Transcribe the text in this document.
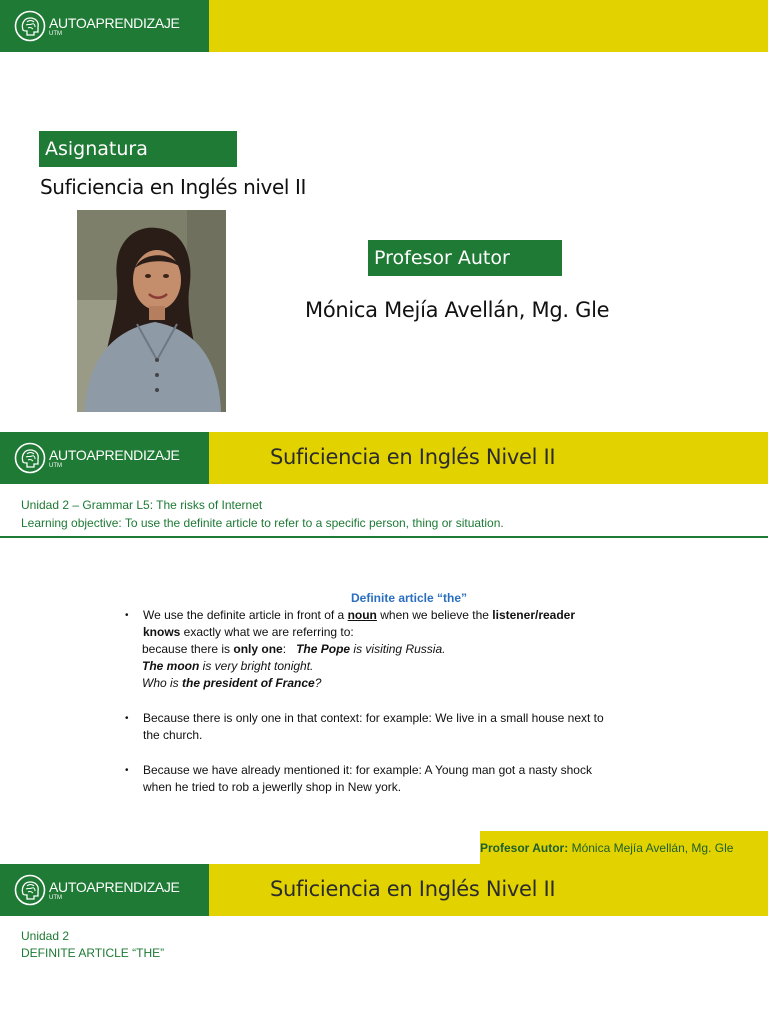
AUTOAPRENDIZAJE
UTM
Asignatura
Suficiencia en Inglés nivel II
Profesor Autor
Mónica Mejía Avellán, Mg. Gle
AUTOAPRENDIZAJE
UTM	Suficiencia en Inglés Nivel II
Unidad 2 – Grammar L5: The risks of Internet
Learning objective: To use the definite article to refer to a specific person, thing or situation.
Definite article “the”
• We use the definite article in front of a noun when we believe the listener/reader
knows exactly what we are referring to:
because there is only one:   The Pope is visiting Russia.
The moon is very bright tonight.
Who is the president of France?
• Because there is only one in that context: for example: We live in a small house next to the church.
• Because we have already mentioned it: for example: A Young man got a nasty shock when he tried to rob a jewerlly shop in New york.
Profesor Autor: Mónica Mejía Avellán, Mg. Gle
AUTOAPRENDIZAJE
UTM	Suficiencia en Inglés Nivel II
Unidad 2
DEFINITE ARTICLE “THE”
